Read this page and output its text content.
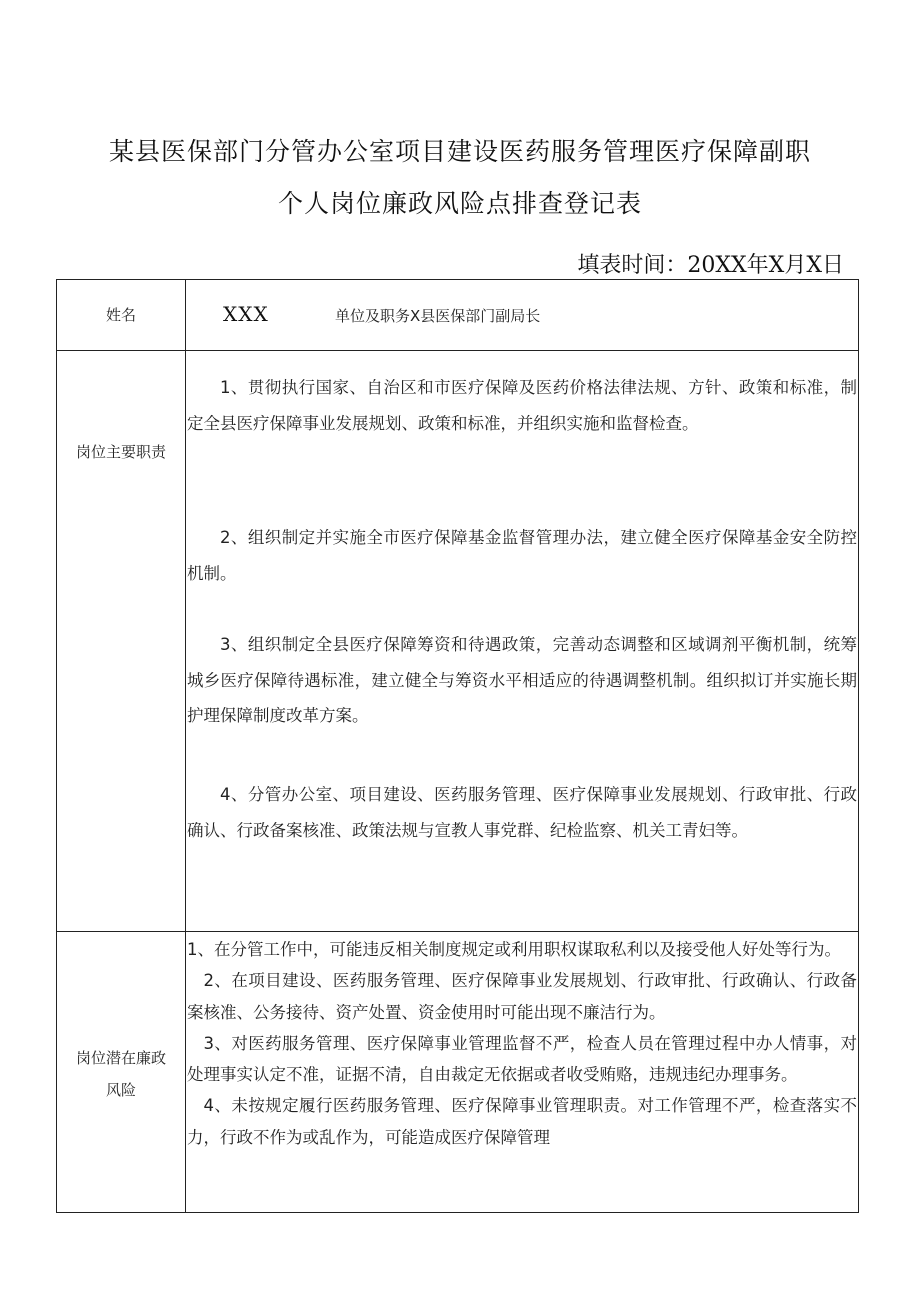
某县医保部门分管办公室项目建设医药服务管理医疗保障副职
个人岗位廉政风险点排查登记表
填表时间：20XX年X月X日
姓名	XXX	单位及职务X县医保部门副局长
岗位主要职责

1、贯彻执行国家、自治区和市医疗保障及医药价格法律法规、方针、政策和标准，制定全县医疗保障事业发展规划、政策和标准，并组织实施和监督检查。

2、组织制定并实施全市医疗保障基金监督管理办法，建立健全医疗保障基金安全防控机制。

3、组织制定全县医疗保障筹资和待遇政策，完善动态调整和区域调剂平衡机制，统筹城乡医疗保障待遇标准，建立健全与筹资水平相适应的待遇调整机制。组织拟订并实施长期护理保障制度改革方案。

4、分管办公室、项目建设、医药服务管理、医疗保障事业发展规划、行政审批、行政确认、行政备案核准、政策法规与宣教人事党群、纪检监察、机关工青妇等。

岗位潜在廉政
风险

1、在分管工作中，可能违反相关制度规定或利用职权谋取私利以及接受他人好处等行为。

2、在项目建设、医药服务管理、医疗保障事业发展规划、行政审批、行政确认、行政备案核准、公务接待、资产处置、资金使用时可能出现不廉洁行为。

3、对医药服务管理、医疗保障事业管理监督不严，检查人员在管理过程中办人情事，对处理事实认定不准，证据不清，自由裁定无依据或者收受贿赂，违规违纪办理事务。

4、未按规定履行医药服务管理、医疗保障事业管理职责。对工作管理不严，检查落实不力，行政不作为或乱作为，可能造成医疗保障管理
